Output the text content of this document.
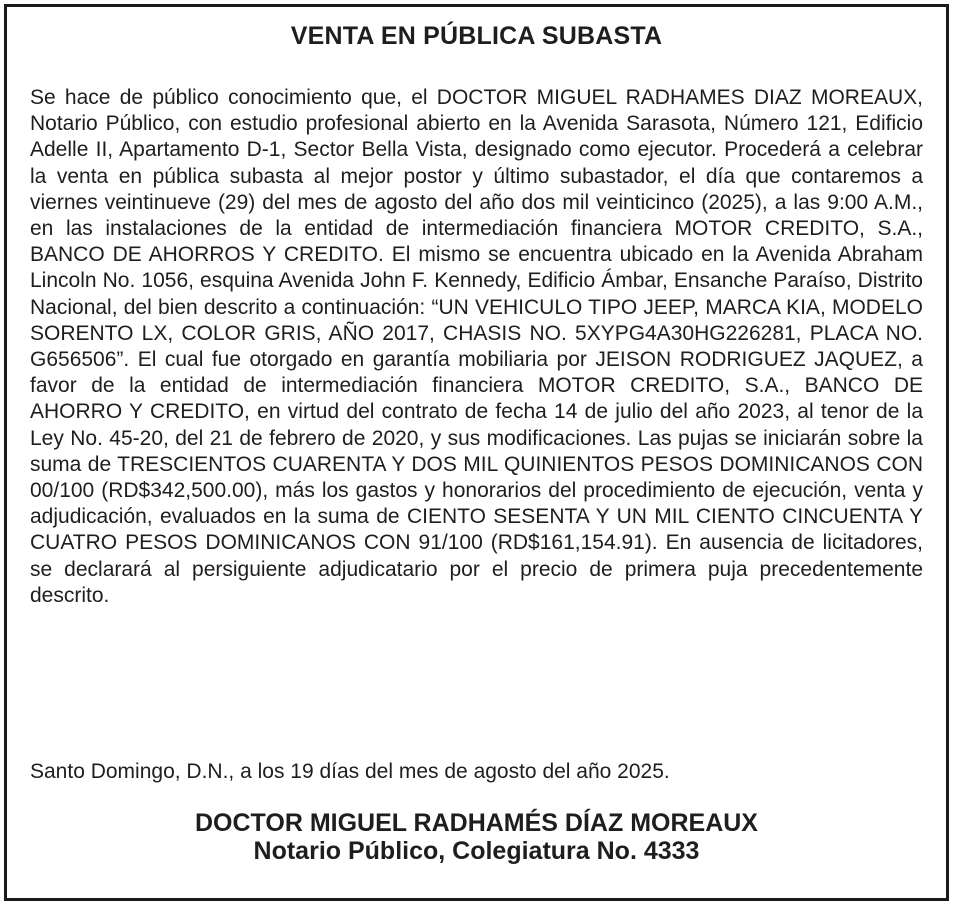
VENTA EN PÚBLICA SUBASTA

Se hace de público conocimiento que, el DOCTOR MIGUEL RADHAMES DIAZ MOREAUX, Notario Público, con estudio profesional abierto en la Avenida Sarasota, Número 121, Edificio Adelle II, Apartamento D-1, Sector Bella Vista, designado como ejecutor. Procederá a celebrar la venta en pública subasta al mejor postor y último subastador, el día que contaremos a viernes veintinueve (29) del mes de agosto del año dos mil veinticinco (2025), a las 9:00 A.M., en las instalaciones de la entidad de intermediación financiera MOTOR CREDITO, S.A., BANCO DE AHORROS Y CREDITO. El mismo se encuentra ubicado en la Avenida Abraham Lincoln No. 1056, esquina Avenida John F. Kennedy, Edificio Ámbar, Ensanche Paraíso, Distrito Nacional, del bien descrito a continuación: “UN VEHICULO TIPO JEEP, MARCA KIA, MODELO SORENTO LX, COLOR GRIS, AÑO 2017, CHASIS NO. 5XYPG4A30HG226281, PLACA NO. G656506”. El cual fue otorgado en garantía mobiliaria por JEISON RODRIGUEZ JAQUEZ, a favor de la entidad de intermediación financiera MOTOR CREDITO, S.A., BANCO DE AHORRO Y CREDITO, en virtud del contrato de fecha 14 de julio del año 2023, al tenor de la Ley No. 45-20, del 21 de febrero de 2020, y sus modificaciones. Las pujas se iniciarán sobre la suma de TRESCIENTOS CUARENTA Y DOS MIL QUINIENTOS PESOS DOMINICANOS CON 00/100 (RD$342,500.00), más los gastos y honorarios del procedimiento de ejecución, venta y adjudicación, evaluados en la suma de CIENTO SESENTA Y UN MIL CIENTO CINCUENTA Y CUATRO PESOS DOMINICANOS CON 91/100 (RD$161,154.91). En ausencia de licitadores, se declarará al persiguiente adjudicatario por el precio de primera puja precedentemente descrito.

Santo Domingo, D.N., a los 19 días del mes de agosto del año 2025.

DOCTOR MIGUEL RADHAMÉS DÍAZ MOREAUX
Notario Público, Colegiatura No. 4333
